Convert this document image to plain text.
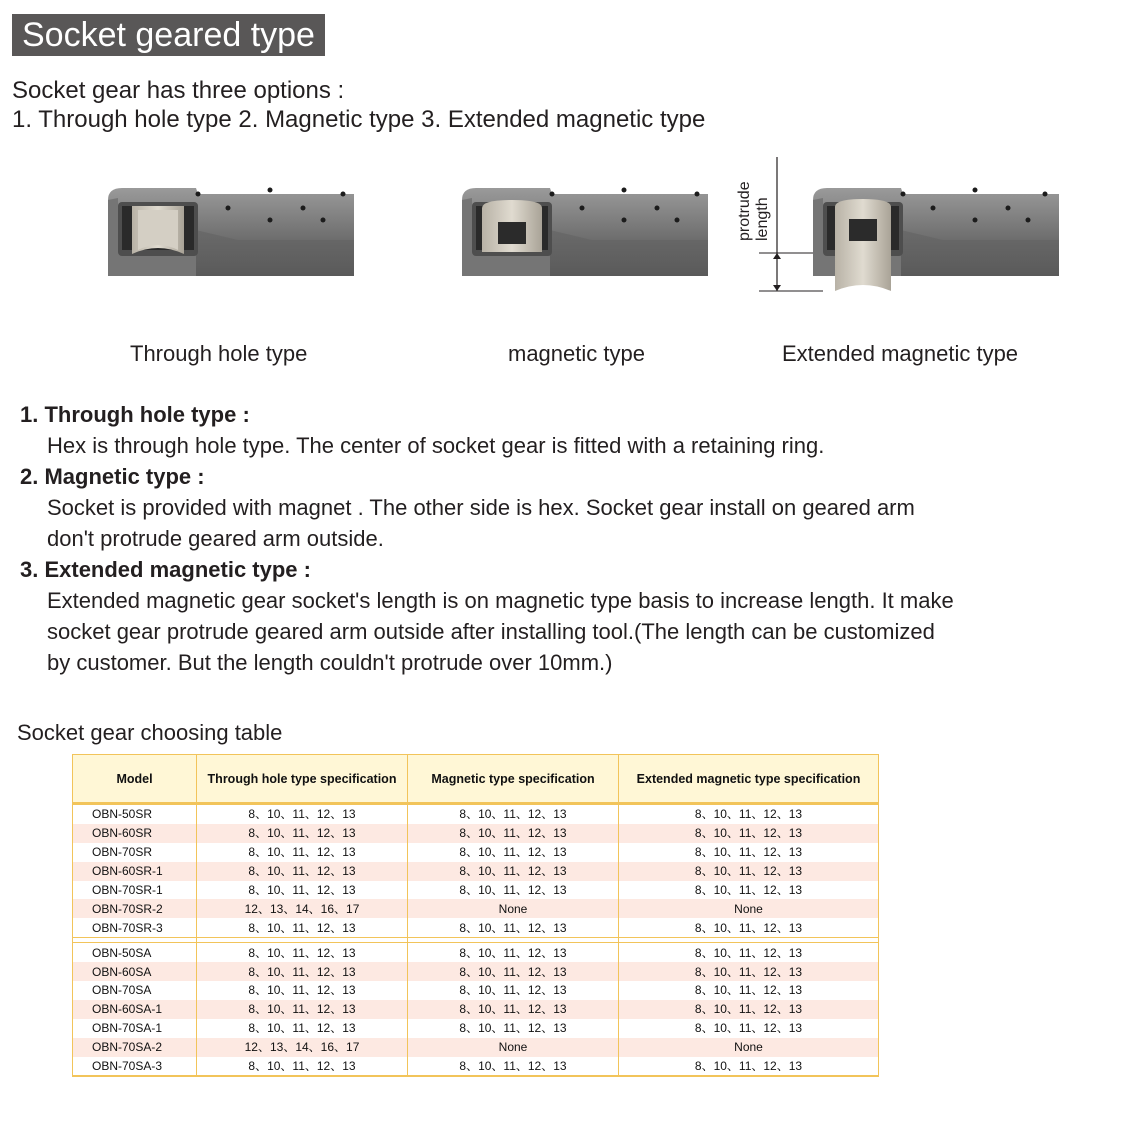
Socket geared type
Socket gear has three options :
1. Through hole type 2. Magnetic type 3. Extended magnetic type
protrude length
Through hole type	magnetic type	Extended magnetic type
1. Through hole type :
Hex is through hole type. The center of socket gear is fitted with a retaining ring.
2. Magnetic type :
Socket is provided with magnet . The other side is hex. Socket gear install on geared arm
don't protrude geared arm outside.
3. Extended magnetic type :
Extended magnetic gear socket's length is on magnetic type basis to increase length. It make
socket gear protrude geared arm outside after installing tool.(The length can be customized
by customer. But the length couldn't protrude over 10mm.)
Socket gear choosing table
Model	Through hole type specification	Magnetic type specification	Extended magnetic type specification
OBN-50SR	8、10、11、12、13	8、10、11、12、13	8、10、11、12、13
OBN-60SR	8、10、11、12、13	8、10、11、12、13	8、10、11、12、13
OBN-70SR	8、10、11、12、13	8、10、11、12、13	8、10、11、12、13
OBN-60SR-1	8、10、11、12、13	8、10、11、12、13	8、10、11、12、13
OBN-70SR-1	8、10、11、12、13	8、10、11、12、13	8、10、11、12、13
OBN-70SR-2	12、13、14、16、17	None	None
OBN-70SR-3	8、10、11、12、13	8、10、11、12、13	8、10、11、12、13

OBN-50SA	8、10、11、12、13	8、10、11、12、13	8、10、11、12、13
OBN-60SA	8、10、11、12、13	8、10、11、12、13	8、10、11、12、13
OBN-70SA	8、10、11、12、13	8、10、11、12、13	8、10、11、12、13
OBN-60SA-1	8、10、11、12、13	8、10、11、12、13	8、10、11、12、13
OBN-70SA-1	8、10、11、12、13	8、10、11、12、13	8、10、11、12、13
OBN-70SA-2	12、13、14、16、17	None	None
OBN-70SA-3	8、10、11、12、13	8、10、11、12、13	8、10、11、12、13
